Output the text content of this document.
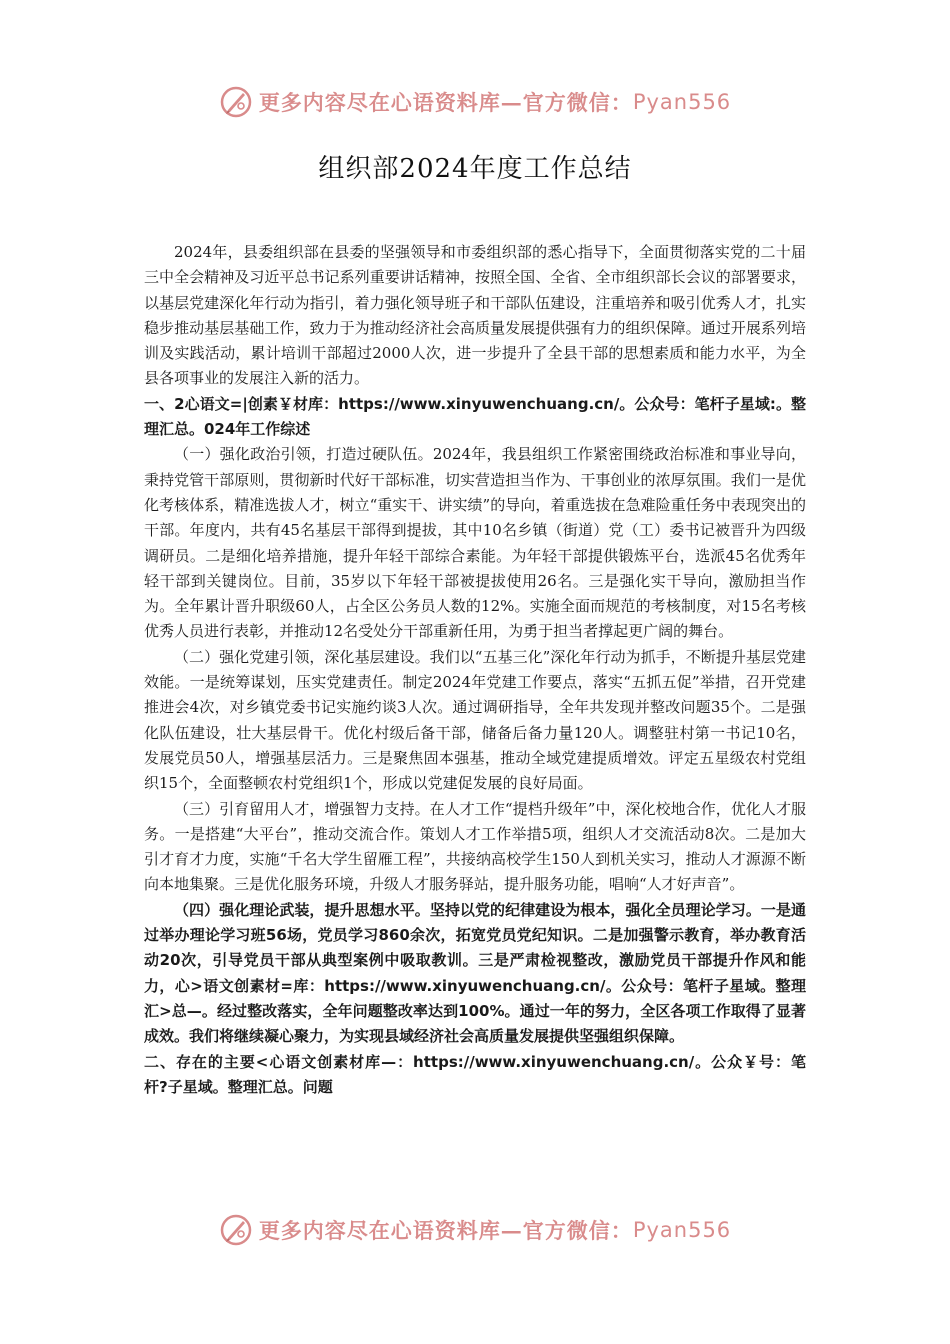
更多内容尽在心语资料库—官方微信： Pyan556
组织部2024年度工作总结

2024年，县委组织部在县委的坚强领导和市委组织部的悉心指导下，全面贯彻落实党的二十届三中全会精神及习近平总书记系列重要讲话精神，按照全国、全省、全市组织部长会议的部署要求，以基层党建深化年行动为指引，着力强化领导班子和干部队伍建设，注重培养和吸引优秀人才，扎实稳步推动基层基础工作，致力于为推动经济社会高质量发展提供强有力的组织保障。通过开展系列培训及实践活动，累计培训干部超过2000人次，进一步提升了全县干部的思想素质和能力水平，为全县各项事业的发展注入新的活力。

一、2心语文=|创素￥材库：https://www.xinyuwenchuang.cn/。公众号：笔杆子星域:。整理汇总。024年工作综述

（一）强化政治引领，打造过硬队伍。2024年，我县组织工作紧密围绕政治标准和事业导向，秉持党管干部原则，贯彻新时代好干部标准，切实营造担当作为、干事创业的浓厚氛围。我们一是优化考核体系，精准选拔人才，树立“重实干、讲实绩”的导向，着重选拔在急难险重任务中表现突出的干部。年度内，共有45名基层干部得到提拔，其中10名乡镇（街道）党（工）委书记被晋升为四级调研员。二是细化培养措施，提升年轻干部综合素能。为年轻干部提供锻炼平台，选派45名优秀年轻干部到关键岗位。目前，35岁以下年轻干部被提拔使用26名。三是强化实干导向，激励担当作为。全年累计晋升职级60人，占全区公务员人数的12%。实施全面而规范的考核制度，对15名考核优秀人员进行表彰，并推动12名受处分干部重新任用，为勇于担当者撑起更广阔的舞台。

（二）强化党建引领，深化基层建设。我们以“五基三化”深化年行动为抓手，不断提升基层党建效能。一是统筹谋划，压实党建责任。制定2024年党建工作要点，落实“五抓五促”举措，召开党建推进会4次，对乡镇党委书记实施约谈3人次。通过调研指导，全年共发现并整改问题35个。二是强化队伍建设，壮大基层骨干。优化村级后备干部，储备后备力量120人。调整驻村第一书记10名，发展党员50人，增强基层活力。三是聚焦固本强基，推动全域党建提质增效。评定五星级农村党组织15个，全面整顿农村党组织1个，形成以党建促发展的良好局面。

（三）引育留用人才，增强智力支持。在人才工作“提档升级年”中，深化校地合作，优化人才服务。一是搭建“大平台”，推动交流合作。策划人才工作举措5项，组织人才交流活动8次。二是加大引才育才力度，实施“千名大学生留雁工程”，共接纳高校学生150人到机关实习，推动人才源源不断向本地集聚。三是优化服务环境，升级人才服务驿站，提升服务功能，唱响“人才好声音”。

（四）强化理论武装，提升思想水平。坚持以党的纪律建设为根本，强化全员理论学习。一是通过举办理论学习班56场，党员学习860余次，拓宽党员党纪知识。二是加强警示教育，举办教育活动20次，引导党员干部从典型案例中吸取教训。三是严肃检视整改，激励党员干部提升作风和能力，心>语文创素材=库：https://www.xinyuwenchuang.cn/。公众号：笔杆子星域。整理汇>总—。经过整改落实，全年问题整改率达到100%。通过一年的努力，全区各项工作取得了显著成效。我们将继续凝心聚力，为实现县域经济社会高质量发展提供坚强组织保障。

二、存在的主要<心语文创素材库—：https://www.xinyuwenchuang.cn/。公众￥号：笔杆?子星域。整理汇总。问题

更多内容尽在心语资料库—官方微信： Pyan556
